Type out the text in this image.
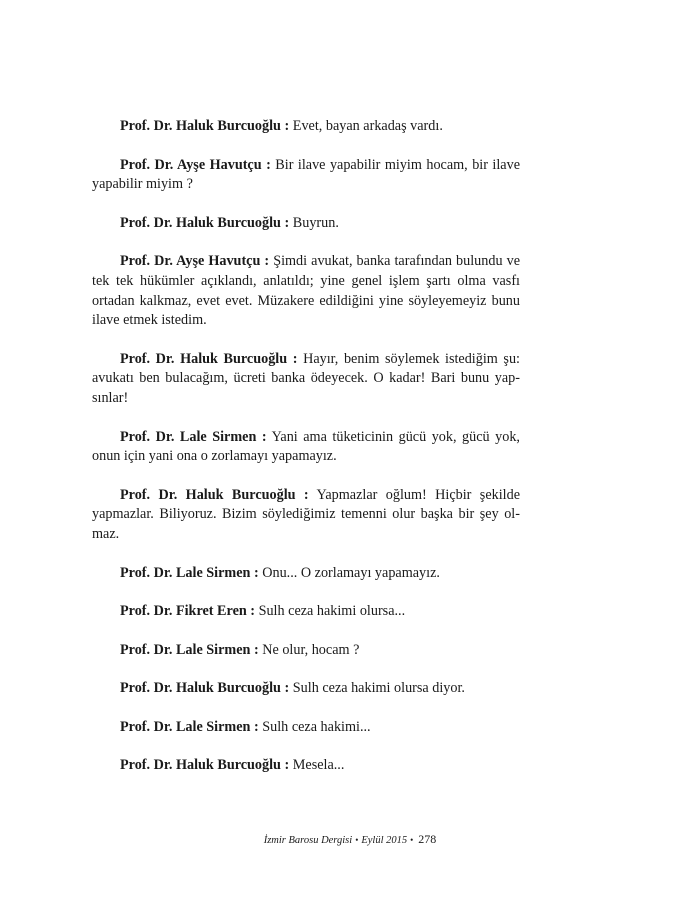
Prof. Dr. Haluk Burcuoğlu : Evet, bayan arkadaş vardı.

Prof. Dr. Ayşe Havutçu : Bir ilave yapabilir miyim hocam, bir ilave yapabilir miyim ?

Prof. Dr. Haluk Burcuoğlu : Buyrun.

Prof. Dr. Ayşe Havutçu : Şimdi avukat, banka tarafından bulundu ve tek tek hükümler açıklandı, anlatıldı; yine genel işlem şartı olma vasfı ortadan kalkmaz, evet evet. Müzakere edildiğini yine söyleyemeyiz bunu ilave etmek istedim.

Prof. Dr. Haluk Burcuoğlu : Hayır, benim söylemek istediğim şu: avukatı ben bulacağım, ücreti banka ödeyecek. O kadar! Bari bunu yapsınlar!

Prof. Dr. Lale Sirmen : Yani ama tüketicinin gücü yok, gücü yok, onun için yani ona o zorlamayı yapamayız.

Prof. Dr. Haluk Burcuoğlu : Yapmazlar oğlum! Hiçbir şekilde yapmazlar. Biliyoruz. Bizim söylediğimiz temenni olur başka bir şey olmaz.

Prof. Dr. Lale Sirmen : Onu... O zorlamayı yapamayız.

Prof. Dr. Fikret Eren : Sulh ceza hakimi olursa...

Prof. Dr. Lale Sirmen : Ne olur, hocam ?

Prof. Dr. Haluk Burcuoğlu : Sulh ceza hakimi olursa diyor.

Prof. Dr. Lale Sirmen : Sulh ceza hakimi...

Prof. Dr. Haluk Burcuoğlu : Mesela...

İzmir Barosu Dergisi • Eylül 2015 • 278
